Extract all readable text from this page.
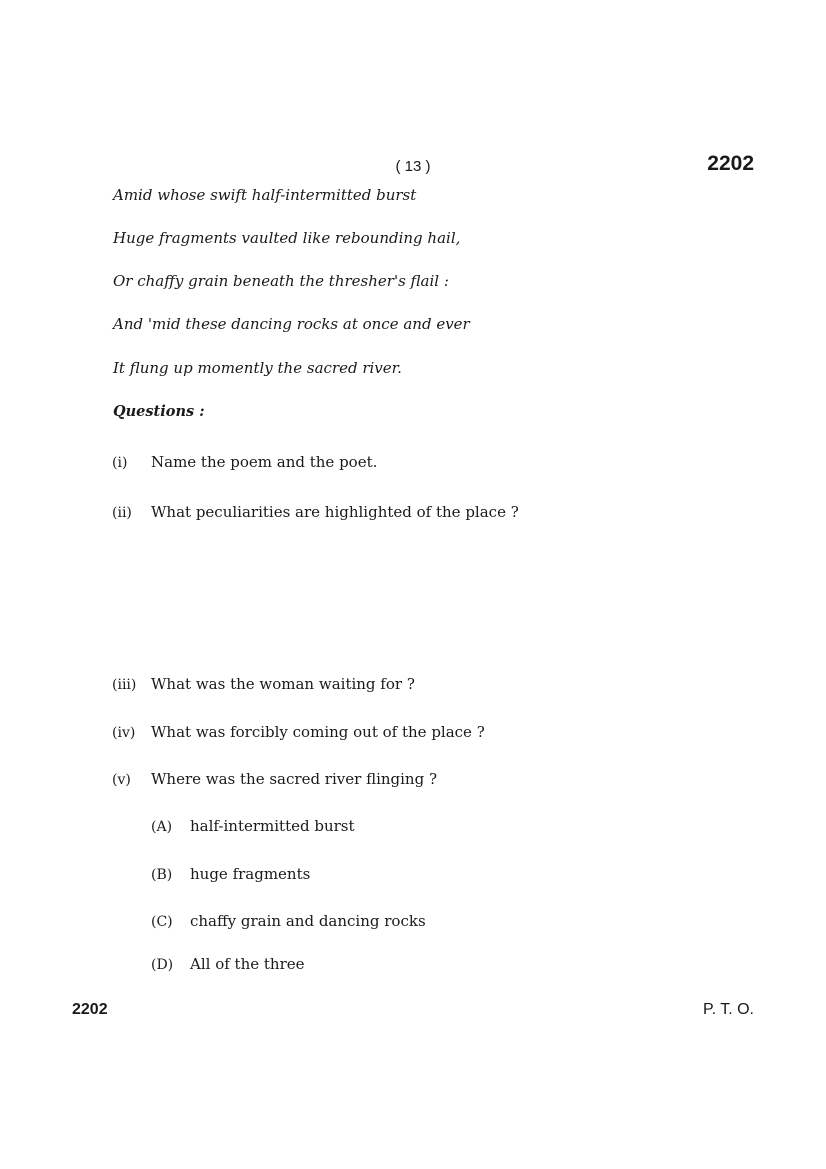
( 13 )	2202
Amid whose swift half-intermitted burst
Huge fragments vaulted like rebounding hail,
Or chaffy grain beneath the thresher's flail :
And 'mid these dancing rocks at once and ever
It flung up momently the sacred river.
Questions :
(i) Name the poem and the poet.
(ii) What peculiarities are highlighted of the place ?
(iii) What was the woman waiting for ?
(iv) What was forcibly coming out of the place ?
(v) Where was the sacred river flinging ?
(A) half-intermitted burst
(B) huge fragments
(C) chaffy grain and dancing rocks
(D) All of the three
2202	P. T. O.
